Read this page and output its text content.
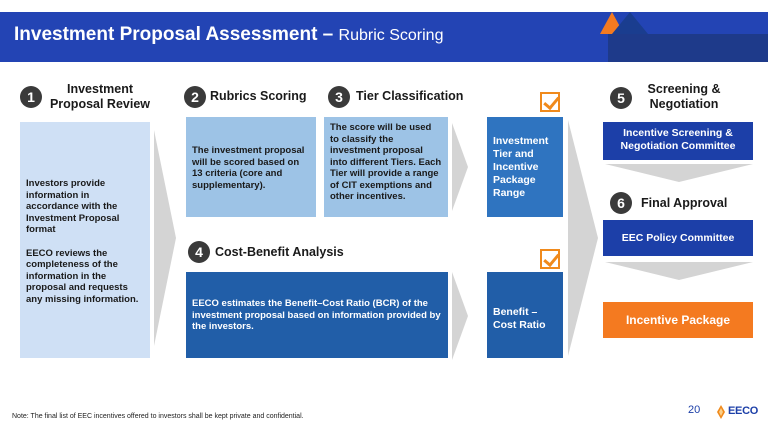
Investment Proposal Assessment – Rubric Scoring
1	Investment Proposal Review

Investors provide information in accordance with the Investment Proposal format

EECO reviews the completeness of the information in the proposal and requests any missing information.

2 Rubrics Scoring
The investment proposal will be scored based on 13 criteria (core and supplementary).
3	Tier Classification
The score will be used to classify the investment proposal into different Tiers. Each Tier will provide a range of CIT exemptions and other incentives.
Investment Tier and Incentive Package Range
4 Cost-Benefit Analysis
EECO estimates the Benefit–Cost Ratio (BCR) of the investment proposal based on information provided by the investors.
Benefit – Cost Ratio
5
Screening & Negotiation
Incentive Screening & Negotiation Committee
6	Final Approval
EEC Policy Committee
Incentive Package
Note: The final list of EEC incentives offered to investors shall be kept private and confidential.
20	EECO
